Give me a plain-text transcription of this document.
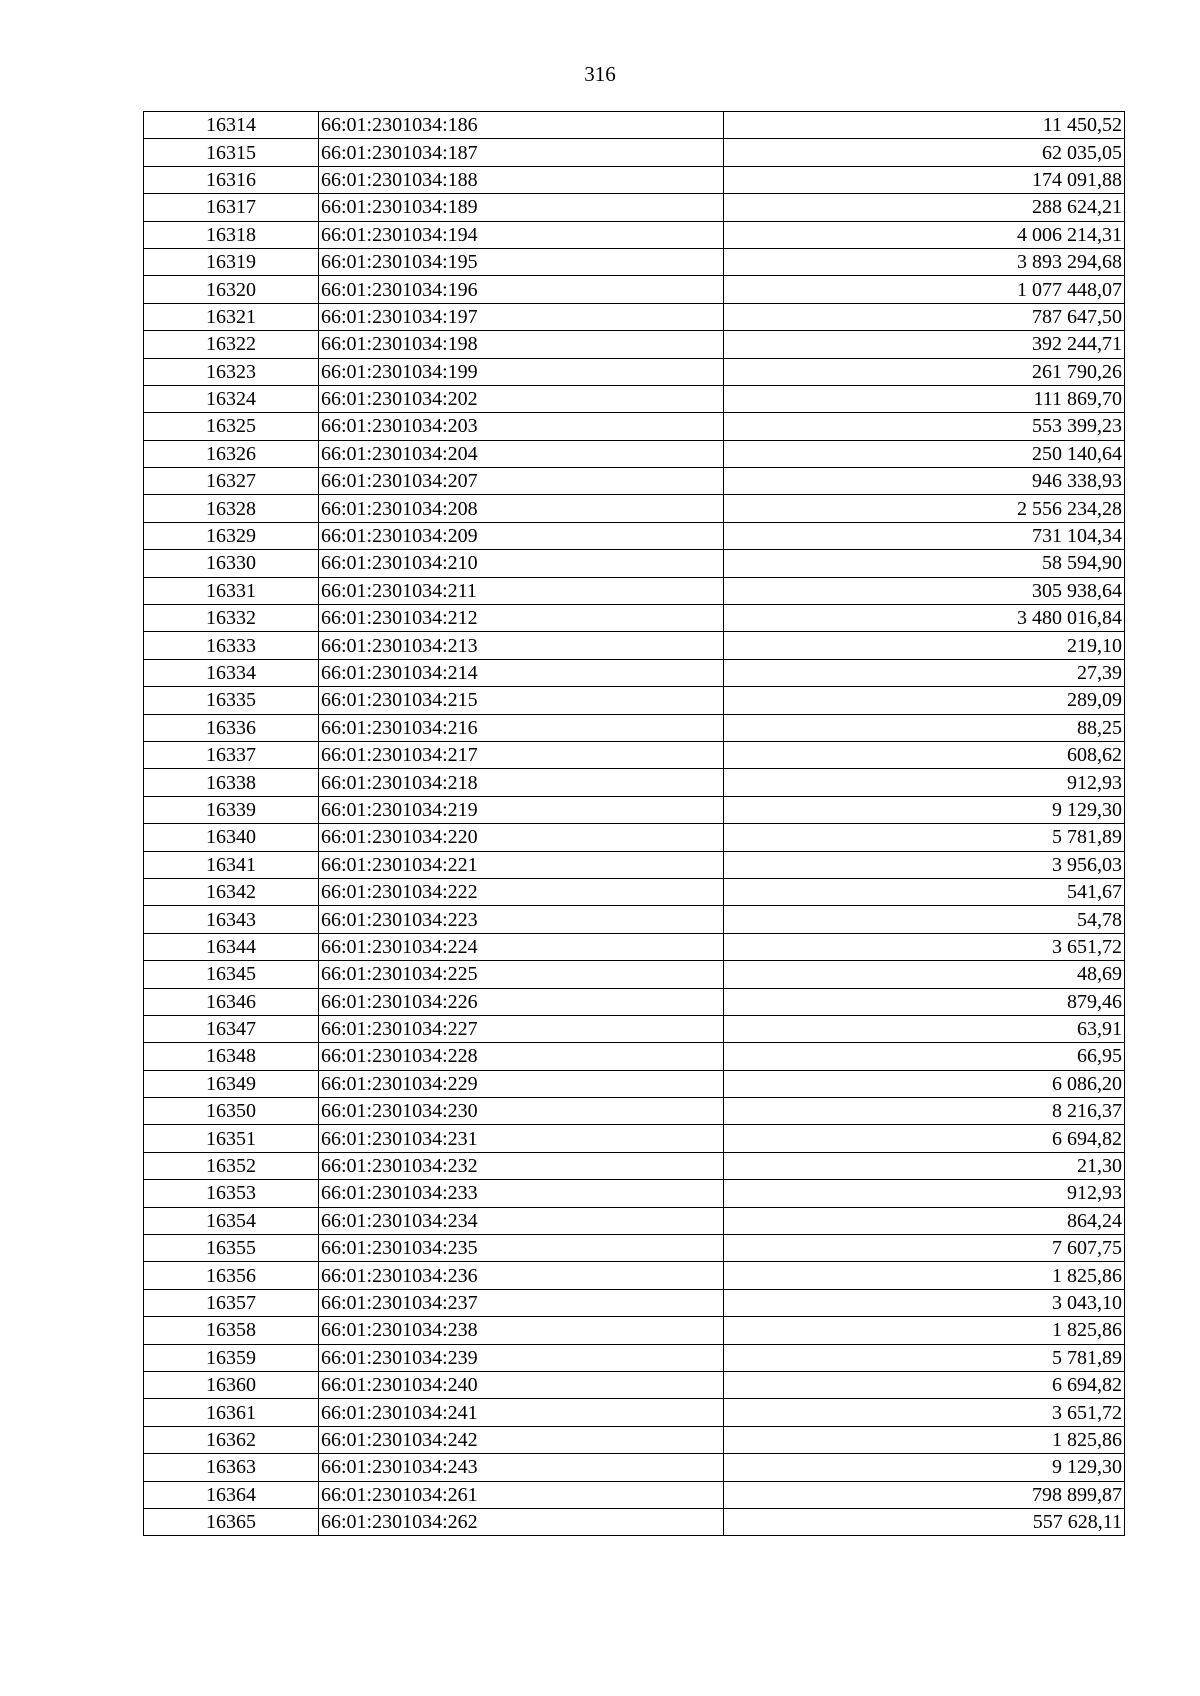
316
16314	66:01:2301034:186	11 450,52
16315	66:01:2301034:187	62 035,05
16316	66:01:2301034:188	174 091,88
16317	66:01:2301034:189	288 624,21
16318	66:01:2301034:194	4 006 214,31
16319	66:01:2301034:195	3 893 294,68
16320	66:01:2301034:196	1 077 448,07
16321	66:01:2301034:197	787 647,50
16322	66:01:2301034:198	392 244,71
16323	66:01:2301034:199	261 790,26
16324	66:01:2301034:202	111 869,70
16325	66:01:2301034:203	553 399,23
16326	66:01:2301034:204	250 140,64
16327	66:01:2301034:207	946 338,93
16328	66:01:2301034:208	2 556 234,28
16329	66:01:2301034:209	731 104,34
16330	66:01:2301034:210	58 594,90
16331	66:01:2301034:211	305 938,64
16332	66:01:2301034:212	3 480 016,84
16333	66:01:2301034:213	219,10
16334	66:01:2301034:214	27,39
16335	66:01:2301034:215	289,09
16336	66:01:2301034:216	88,25
16337	66:01:2301034:217	608,62
16338	66:01:2301034:218	912,93
16339	66:01:2301034:219	9 129,30
16340	66:01:2301034:220	5 781,89
16341	66:01:2301034:221	3 956,03
16342	66:01:2301034:222	541,67
16343	66:01:2301034:223	54,78
16344	66:01:2301034:224	3 651,72
16345	66:01:2301034:225	48,69
16346	66:01:2301034:226	879,46
16347	66:01:2301034:227	63,91
16348	66:01:2301034:228	66,95
16349	66:01:2301034:229	6 086,20
16350	66:01:2301034:230	8 216,37
16351	66:01:2301034:231	6 694,82
16352	66:01:2301034:232	21,30
16353	66:01:2301034:233	912,93
16354	66:01:2301034:234	864,24
16355	66:01:2301034:235	7 607,75
16356	66:01:2301034:236	1 825,86
16357	66:01:2301034:237	3 043,10
16358	66:01:2301034:238	1 825,86
16359	66:01:2301034:239	5 781,89
16360	66:01:2301034:240	6 694,82
16361	66:01:2301034:241	3 651,72
16362	66:01:2301034:242	1 825,86
16363	66:01:2301034:243	9 129,30
16364	66:01:2301034:261	798 899,87
16365	66:01:2301034:262	557 628,11
